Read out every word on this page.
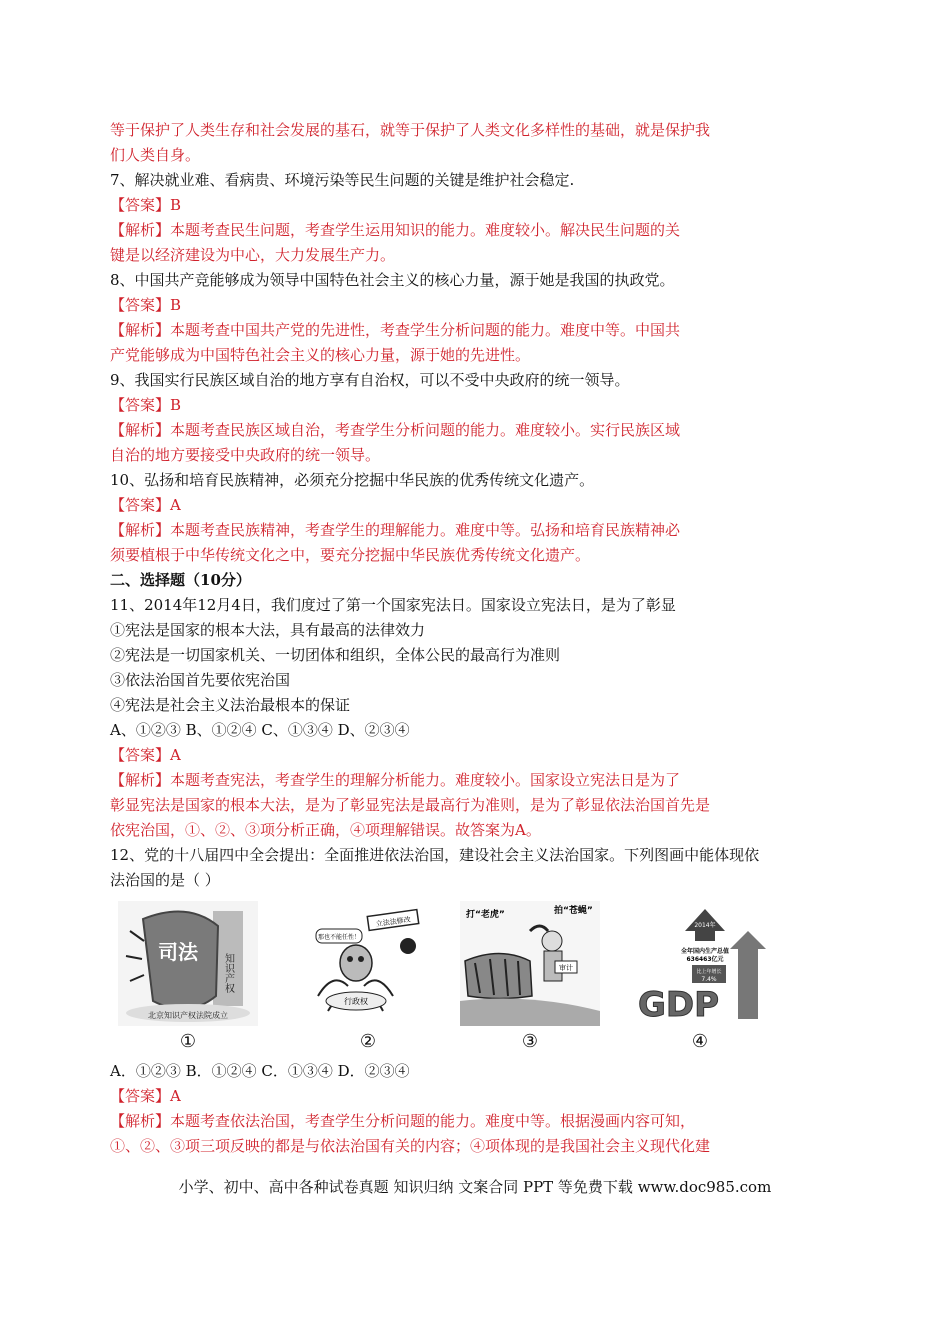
等于保护了人类生存和社会发展的基石，就等于保护了人类文化多样性的基础，就是保护我
们人类自身。
7、解决就业难、看病贵、环境污染等民生问题的关键是维护社会稳定.
【答案】B
【解析】本题考查民生问题，考查学生运用知识的能力。难度较小。解决民生问题的关
键是以经济建设为中心，大力发展生产力。
8、中国共产竞能够成为领导中国特色社会主义的核心力量，源于她是我国的执政党。
【答案】B
【解析】本题考查中国共产党的先进性，考查学生分析问题的能力。难度中等。中国共
产党能够成为中国特色社会主义的核心力量，源于她的先进性。
9、我国实行民族区域自治的地方享有自治权，可以不受中央政府的统一领导。
【答案】B
【解析】本题考查民族区域自治，考查学生分析问题的能力。难度较小。实行民族区域
自治的地方要接受中央政府的统一领导。
10、弘扬和培育民族精神，必须充分挖掘中华民族的优秀传统文化遗产。
【答案】A
【解析】本题考查民族精神，考查学生的理解能力。难度中等。弘扬和培育民族精神必
须要植根于中华传统文化之中，要充分挖掘中华民族优秀传统文化遗产。
二、选择题（10分）
11、2014年12月4日，我们度过了第一个国家宪法日。国家设立宪法日，是为了彰显
①宪法是国家的根本大法，具有最高的法律效力
②宪法是一切国家机关、一切团体和组织，全体公民的最高行为准则
③依法治国首先要依宪治国
④宪法是社会主义法治最根本的保证
A、①②③ B、①②④ C、①③④ D、②③④
【答案】A
【解析】本题考查宪法，考查学生的理解分析能力。难度较小。国家设立宪法日是为了
彰显宪法是国家的根本大法，是为了彰显宪法是最高行为准则，是为了彰显依法治国首先是
依宪治国，①、②、③项分析正确，④项理解错误。故答案为A。
12、党的十八届四中全会提出：全面推进依法治国，建设社会主义法治国家。下列图画中能体现依
法治国的是（ ）
司法
知识产权
北京知识产权法院成立
①
立法法修改
那也不能任性！
行政权
②
打“老虎”	拍“苍蝇”
审计
③
2014年
全年国内生产总值
636463亿元
比上年增长
7.4%
GDP
④
A．①②③ B．①②④ C．①③④ D．②③④
【答案】A
【解析】本题考查依法治国，考查学生分析问题的能力。难度中等。根据漫画内容可知，
①、②、③项三项反映的都是与依法治国有关的内容；④项体现的是我国社会主义现代化建
小学、初中、高中各种试卷真题 知识归纳 文案合同 PPT 等免费下载 www.doc985.com
